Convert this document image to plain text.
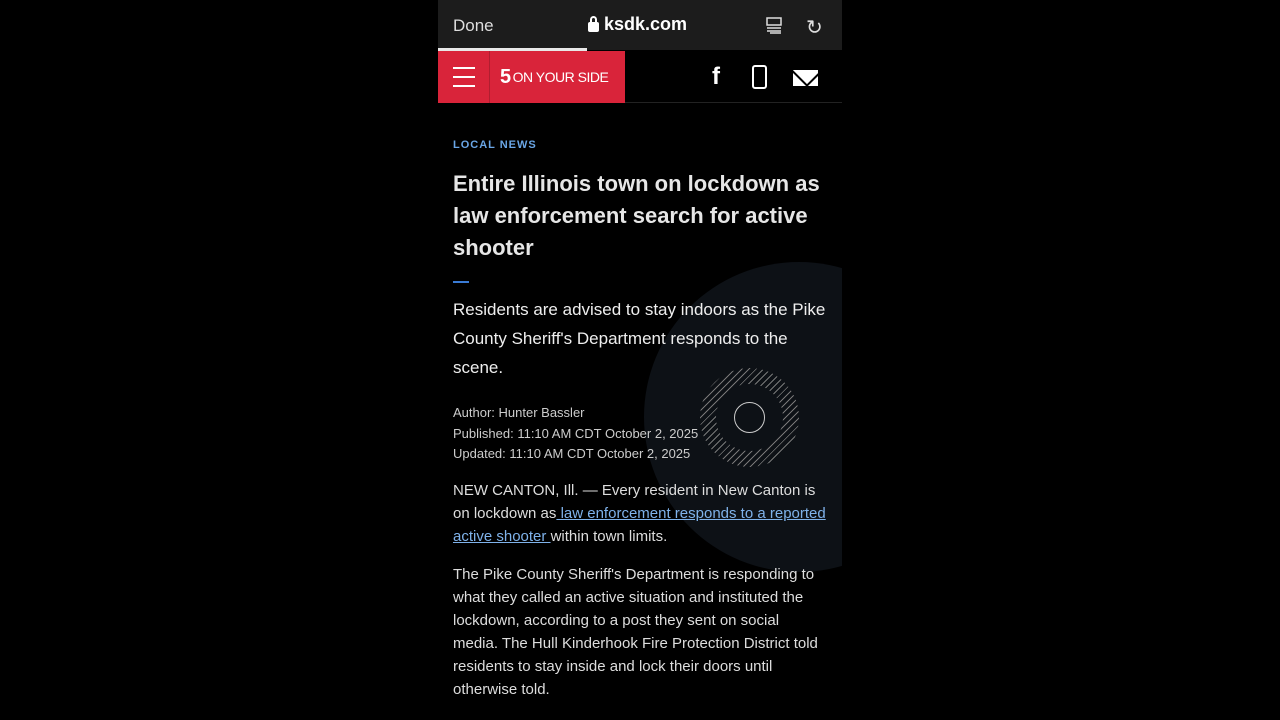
Done	ksdk.com	↻
5 ON YOUR SIDE	f
LOCAL NEWS
Entire Illinois town on lockdown as law enforcement search for active shooter

Residents are advised to stay indoors as the Pike County Sheriff's Department responds to the scene.

Author: Hunter Bassler
Published: 11:10 AM CDT October 2, 2025
Updated: 11:10 AM CDT October 2, 2025

NEW CANTON, Ill. — Every resident in New Canton is on lockdown as law enforcement responds to a reported active shooter within town limits.

The Pike County Sheriff's Department is responding to what they called an active situation and instituted the lockdown, according to a post they sent on social media. The Hull Kinderhook Fire Protection District told residents to stay inside and lock their doors until otherwise told.
